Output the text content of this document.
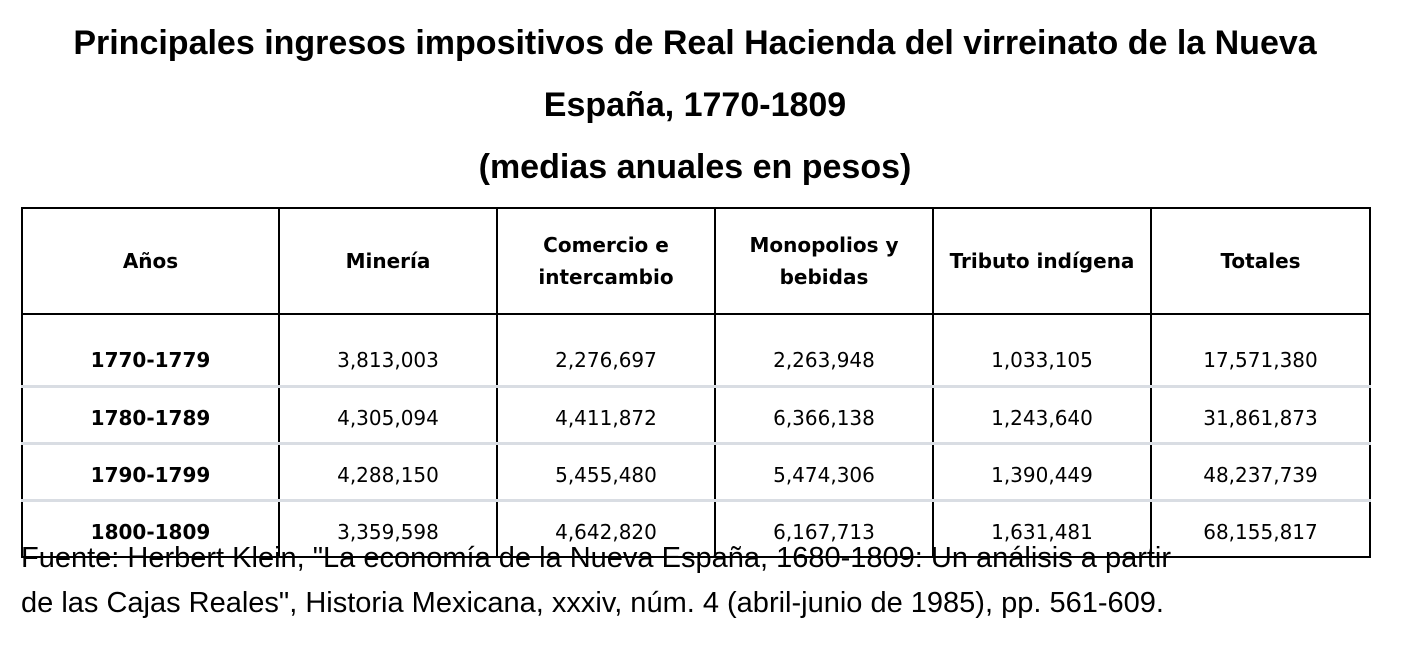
Principales ingresos impositivos de Real Hacienda del virreinato de la Nueva
España, 1770-1809
(medias anuales en pesos)
Años	Minería	Comercio e intercambio	Monopolios y bebidas	Tributo indígena	Totales
1770-1779	3,813,003	2,276,697	2,263,948	1,033,105	17,571,380
1780-1789	4,305,094	4,411,872	6,366,138	1,243,640	31,861,873
1790-1799	4,288,150	5,455,480	5,474,306	1,390,449	48,237,739
1800-1809	3,359,598	4,642,820	6,167,713	1,631,481	68,155,817
Fuente: Herbert Klein, "La economía de la Nueva España, 1680-1809: Un análisis a partir
de las Cajas Reales", Historia Mexicana, xxxiv, núm. 4 (abril-junio de 1985), pp. 561-609.
